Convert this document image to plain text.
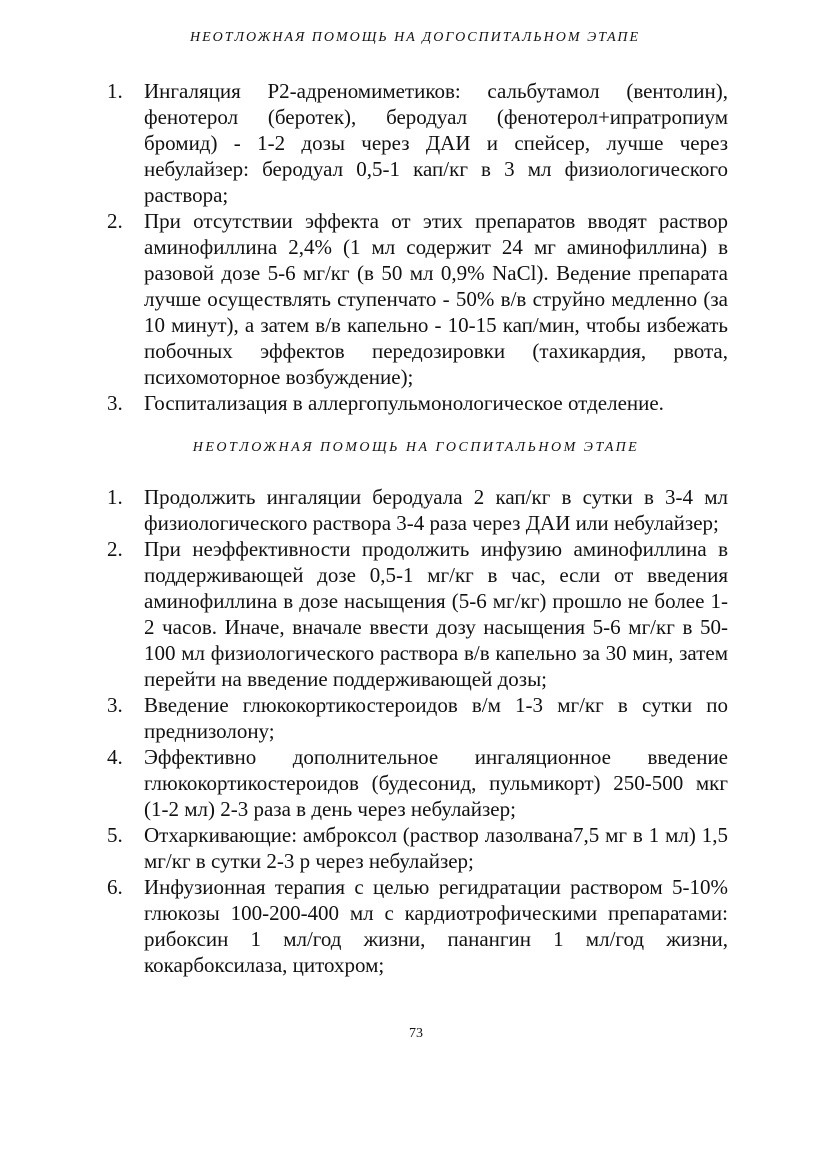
НЕОТЛОЖНАЯ ПОМОЩЬ НА ДОГОСПИТАЛЬНОМ ЭТАПЕ
1.	Ингаляция Р2-адреномиметиков: сальбутамол (вентолин), фенотерол (беротек), беродуал (фенотерол+ипратропиум бромид) - 1-2 дозы через ДАИ и спейсер, лучше через небулайзер: беродуал 0,5-1 кап/кг в 3 мл физиологического раствора;
2.	При отсутствии эффекта от этих препаратов вводят раствор аминофиллина 2,4% (1 мл содержит 24 мг аминофиллина) в разовой дозе 5-6 мг/кг (в 50 мл 0,9% NaCl). Ведение препарата лучше осуществлять ступенчато - 50% в/в струйно медленно (за 10 минут), а затем в/в капельно - 10-15 кап/мин, чтобы избежать побочных эффектов передозировки (тахикардия, рвота, психомоторное возбуждение);
3.	Госпитализация в аллергопульмонологическое отделение.
НЕОТЛОЖНАЯ ПОМОЩЬ НА ГОСПИТАЛЬНОМ ЭТАПЕ
1.	Продолжить ингаляции беродуала 2 кап/кг в сутки в 3-4 мл физиологического раствора 3-4 раза через ДАИ или небулайзер;
2.	При неэффективности продолжить инфузию аминофиллина в поддерживающей дозе 0,5-1 мг/кг в час, если от введения аминофиллина в дозе насыщения (5-6 мг/кг) прошло не более 1-2 часов. Иначе, вначале ввести дозу насыщения 5-6 мг/кг в 50-100 мл физиологического раствора в/в капельно за 30 мин, затем перейти на введение поддерживающей дозы;
3.	Введение глюкокортикостероидов в/м 1-3 мг/кг в сутки по преднизолону;
4.	Эффективно дополнительное ингаляционное введение глюкокортикостероидов (будесонид, пульмикорт) 250-500 мкг (1-2 мл) 2-3 раза в день через небулайзер;
5.	Отхаркивающие: амброксол (раствор лазолвана7,5 мг в 1 мл) 1,5 мг/кг в сутки 2-3 р через небулайзер;
6.	Инфузионная терапия с целью регидратации раствором 5-10% глюкозы 100-200-400 мл с кардиотрофическими препаратами: рибоксин 1 мл/год жизни, панангин 1 мл/год жизни, кокарбоксилаза, цитохром;
73
